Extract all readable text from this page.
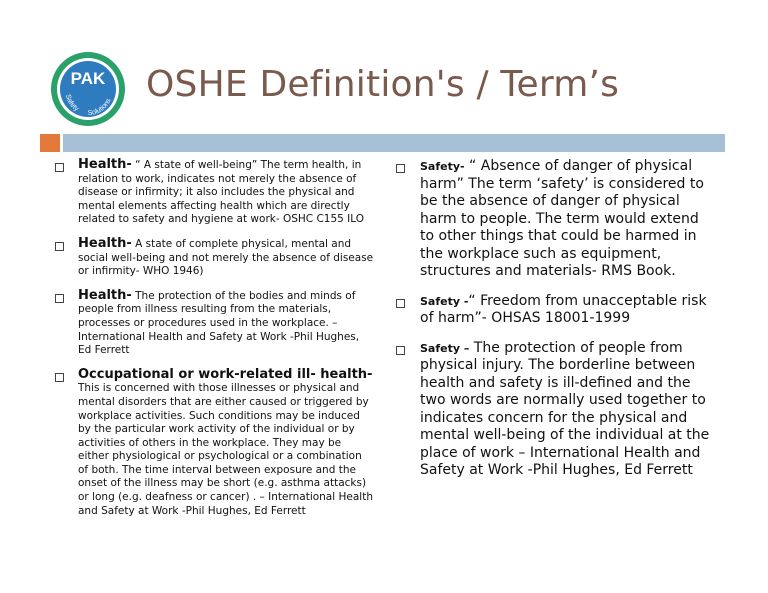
PAK
Safety
Solutions OSHE Definition's / Term’s
Health- “ A state of well-being” The term health, in relation to work, indicates not merely the absence of disease or infirmity; it also includes the physical and mental elements affecting health which are directly related to safety and hygiene at work- OSHC C155 ILO
Health- A state of complete physical, mental and social well-being and not merely the absence of disease or infirmity- WHO 1946)
Health- The protection of the bodies and minds of people from illness resulting from the materials, processes or procedures used in the workplace. – International Health and Safety at Work -Phil Hughes, Ed Ferrett
Occupational or work-related ill- health- This is concerned with those illnesses or physical and mental disorders that are either caused or triggered by workplace activities. Such conditions may be induced by the particular work activity of the individual or by activities of others in the workplace. They may be either physiological or psychological or a combination of both. The time interval between exposure and the onset of the illness may be short (e.g. asthma attacks) or long (e.g. deafness or cancer) . – International Health and Safety at Work -Phil Hughes, Ed Ferrett
Safety- “ Absence of danger of physical harm” The term ‘safety’ is considered to be the absence of danger of physical harm to people. The term would extend to other things that could be harmed in the workplace such as equipment, structures and materials- RMS Book.
Safety -“ Freedom from unacceptable risk of harm”- OHSAS 18001-1999
Safety – The protection of people from physical injury. The borderline between health and safety is ill-defined and the two words are normally used together to indicates concern for the physical and mental well-being of the individual at the place of work – International Health and Safety at Work -Phil Hughes, Ed Ferrett
